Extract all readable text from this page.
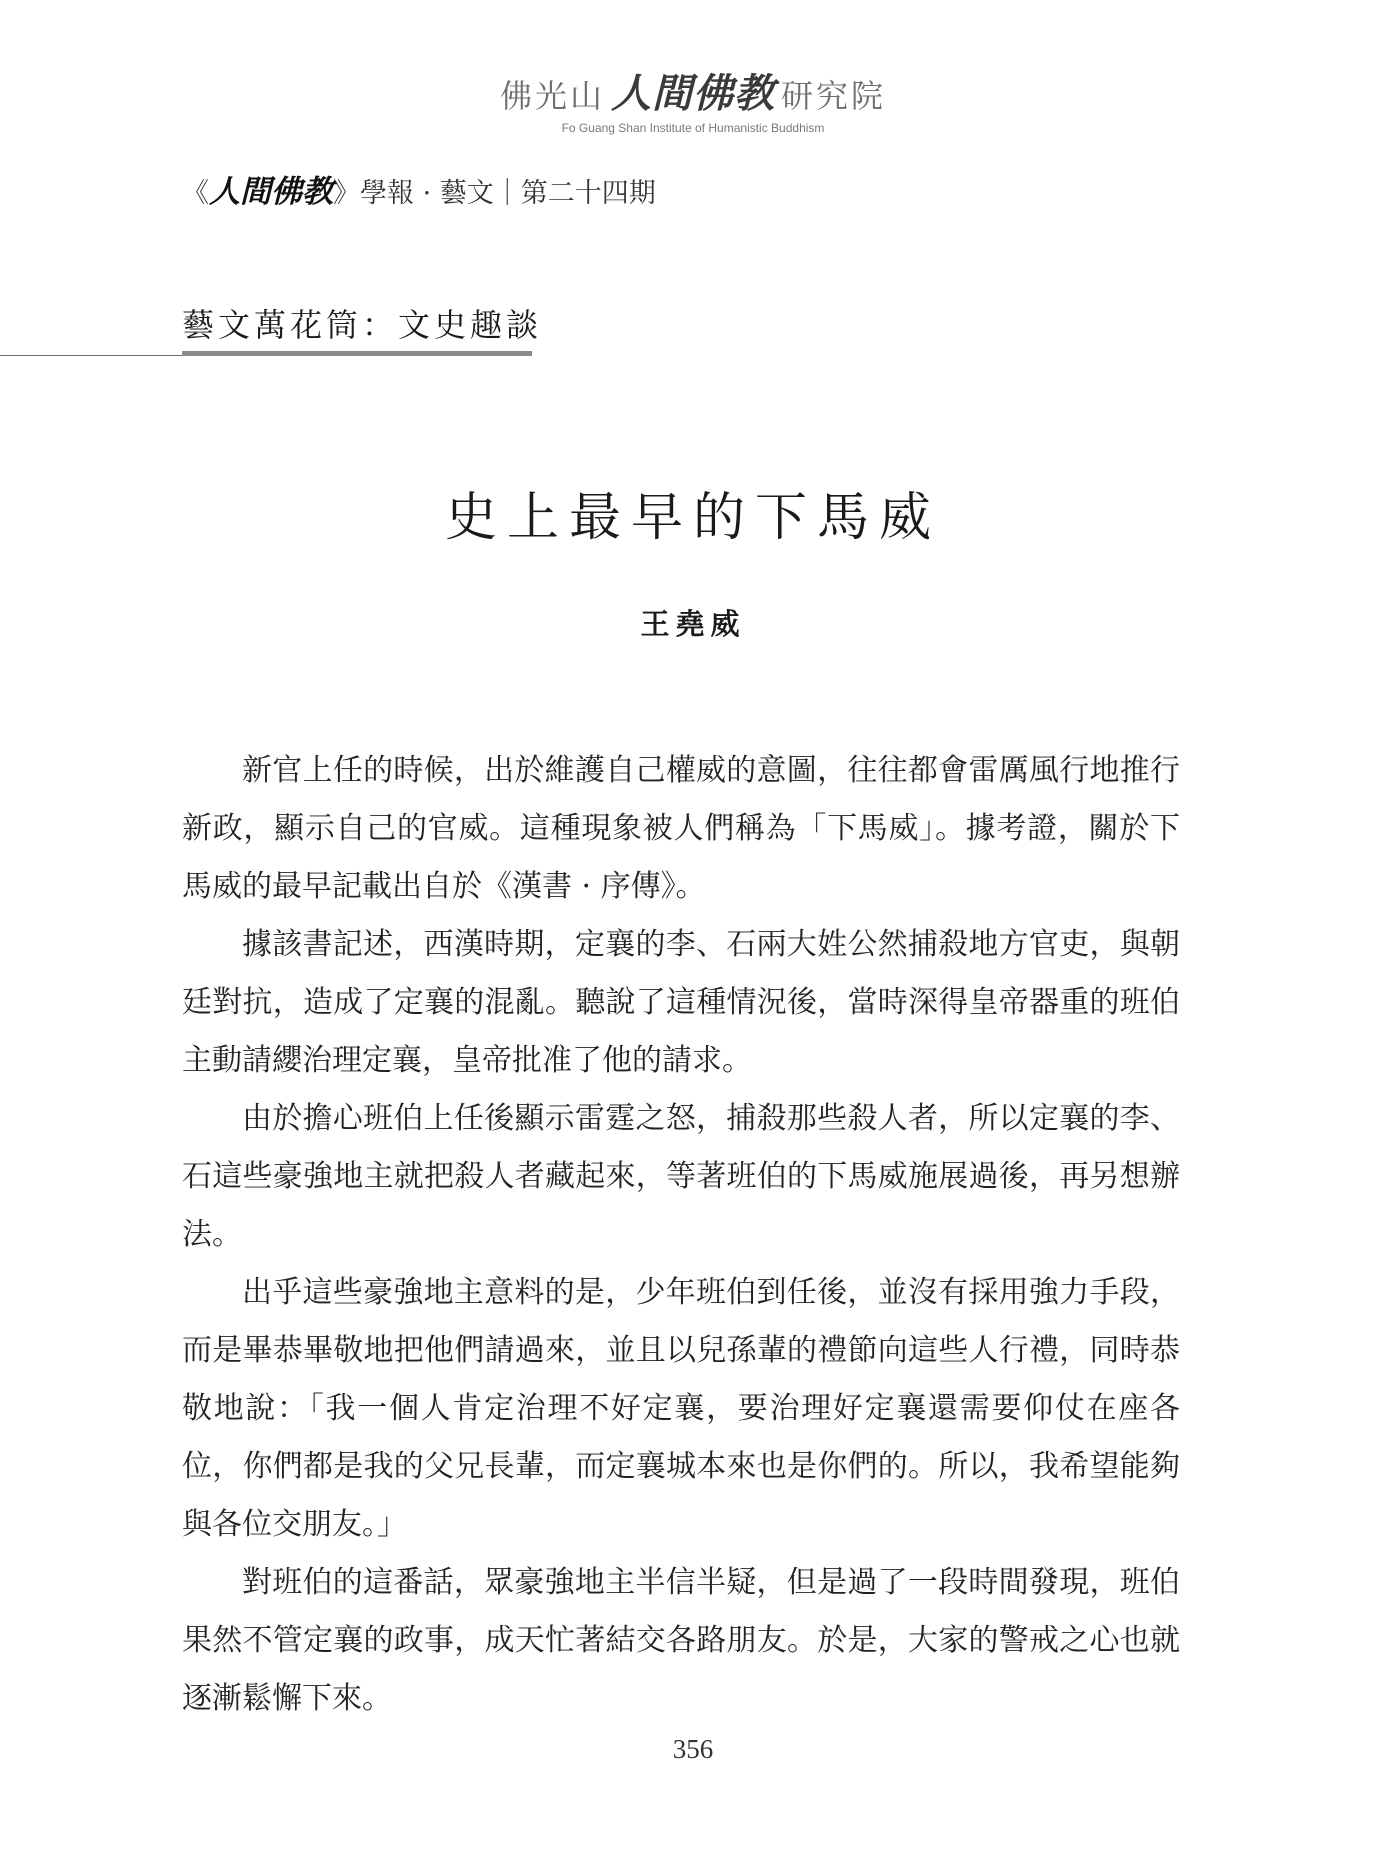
佛光山 人間佛教 研究院
Fo Guang Shan Institute of Humanistic Buddhism
《人間佛教》學報 · 藝文｜第二十四期
藝文萬花筒：文史趣談
史上最早的下馬威
王堯威

新官上任的時候，出於維護自己權威的意圖，往往都會雷厲風行地推行新政，顯示自己的官威。這種現象被人們稱為「下馬威」。據考證，關於下馬威的最早記載出自於《漢書 · 序傳》。

據該書記述，西漢時期，定襄的李、石兩大姓公然捕殺地方官吏，與朝廷對抗，造成了定襄的混亂。聽說了這種情況後，當時深得皇帝器重的班伯主動請纓治理定襄，皇帝批准了他的請求。

由於擔心班伯上任後顯示雷霆之怒，捕殺那些殺人者，所以定襄的李、石這些豪強地主就把殺人者藏起來，等著班伯的下馬威施展過後，再另想辦法。

出乎這些豪強地主意料的是，少年班伯到任後，並沒有採用強力手段，而是畢恭畢敬地把他們請過來，並且以兒孫輩的禮節向這些人行禮，同時恭敬地說：「我一個人肯定治理不好定襄，要治理好定襄還需要仰仗在座各位，你們都是我的父兄長輩，而定襄城本來也是你們的。所以，我希望能夠與各位交朋友。」

對班伯的這番話，眾豪強地主半信半疑，但是過了一段時間發現，班伯果然不管定襄的政事，成天忙著結交各路朋友。於是，大家的警戒之心也就逐漸鬆懈下來。

356
